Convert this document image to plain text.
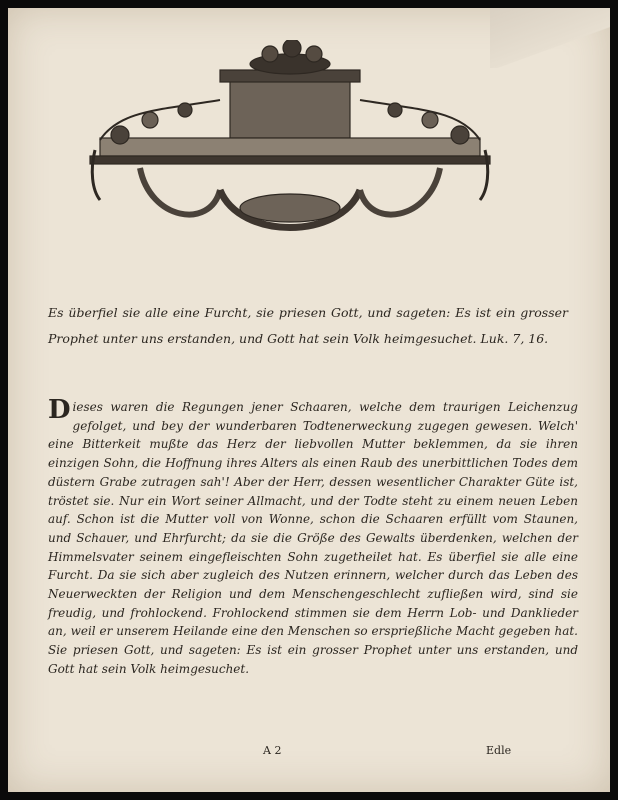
Es überfiel sie alle eine Furcht, sie priesen Gott, und sageten: Es ist ein grosser Prophet unter uns erstanden, und Gott hat sein Volk heimgesuchet. Luk. 7, 16.
Dieses waren die Regungen jener Schaaren, welche dem traurigen Leichenzug gefolget, und bey der wunderbaren Todtenerweckung zugegen gewesen. Welch' eine Bitterkeit mußte das Herz der liebvollen Mutter beklemmen, da sie ihren einzigen Sohn, die Hoffnung ihres Alters als einen Raub des unerbittlichen Todes dem düstern Grabe zutragen sah'! Aber der Herr, dessen wesentlicher Charakter Güte ist, tröstet sie. Nur ein Wort seiner Allmacht, und der Todte steht zu einem neuen Leben auf. Schon ist die Mutter voll von Wonne, schon die Schaaren erfüllt vom Staunen, und Schauer, und Ehrfurcht; da sie die Größe des Gewalts überdenken, welchen der Himmelsvater seinem eingefleischten Sohn zugetheilet hat. Es überfiel sie alle eine Furcht. Da sie sich aber zugleich des Nutzen erinnern, welcher durch das Leben des Neuerweckten der Religion und dem Menschengeschlecht zufließen wird, sind sie freudig, und frohlockend. Frohlockend stimmen sie dem Herrn Lob- und Danklieder an, weil er unserem Heilande eine den Menschen so ersprießliche Macht gegeben hat. Sie priesen Gott, und sageten: Es ist ein grosser Prophet unter uns erstanden, und Gott hat sein Volk heimgesuchet.
A 2	Edle
